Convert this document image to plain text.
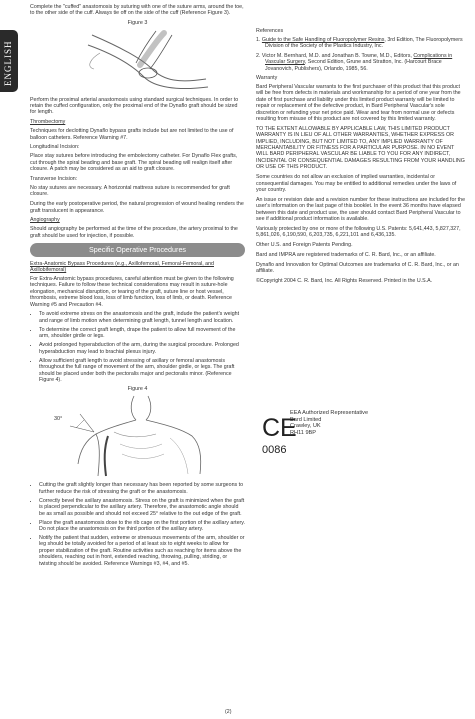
ENGLISH

Complete the "cuffed" anastomosis by suturing with one of the suture arms, around the toe, to the other side of the cuff. Always tie off on the side of the cuff (Reference Figure 3).

Figure 3

Perform the proximal arterial anastomosis using standard surgical techniques. In order to retain the cuffed configuration, only the proximal end of the Dynaflo graft should be sized for length.

Thrombectomy

Techniques for declotting Dynaflo bypass grafts include but are not limited to the use of balloon catheters. Reference Warning #7.

Longitudinal Incision:

Place stay sutures before introducing the embolectomy catheter. For Dynaflo Flex grafts, cut through the spiral beading and base graft. The spiral beading will realign itself after closure. A patch may be considered as an aid to graft closure.

Transverse Incision:

No stay sutures are necessary. A horizontal mattress suture is recommended for graft closure.

During the early postoperative period, the natural progression of wound healing renders the graft translucent in appearance.

Angiography

Should angiography be performed at the time of the procedure, the artery proximal to the graft should be used for injection, if possible.

Specific Operative Procedures

Extra-Anatomic Bypass Procedures (e.g., Axillofemoral, Femoral-Femoral, and Axillobifemoral)

For Extra-Anatomic bypass procedures, careful attention must be given to the following techniques. Failure to follow these technical considerations may result in suture-hole elongation, mechanical disruption, or tearing of the graft, suture line or host vessel, thrombosis, extreme blood loss, loss of limb function, loss of limb, or death. Reference Warning #5 and Precaution #4.

• To avoid extreme stress on the anastomosis and the graft, indude the patient's weight and range of limb motion when determining graft length, tunnel length and location.
• To determine the correct graft length, drape the patient to allow full movement of the arm, shoulder girdle or legs.
• Avoid prolonged hyperabduction of the arm, during the surgical procedure. Prolonged hyperabduction may lead to brachial plexus injury.
• Allow sufficient graft length to avoid stressing of axillary or femoral anastomosis throughout the full range of movement of the arm, shoulder girdle, or legs. The graft should be placed under both the pectoralis major and pectoralis minor. (Reference Figure 4).
Figure 4
30°
• Cutting the graft slightly longer than necessary has been reported by some surgeons to further reduce the risk of stressing the graft or the anastomosis.
• Correctly bevel the axillary anastomosis. Stress on the graft is minimized when the graft is placed perpendicular to the axillary artery. Therefore, the anastomotic angle should be as small as possible and should not exceed 25° relative to the out edge of the graft.
• Place the graft anastomosis dose to the rib cage on the first portion of the axillary artery. Do not place the anastomosis on the third portion of the axillary artery.
• Notify the patient that sudden, extreme or strenuous movements of the arm, shoulder or leg should be totally avoided for a period of at least six to eight weeks to allow for proper stabilization of the graft. Routine activities such as reaching for items above the shoulders, reaching out in front, extended reaching, throwing, pulling, striding, or twisting should be avoided. Reference Warnings #3, #4, and #5.

References

1. Guide to the Safe Handling of Fluoropolymer Resins, 3rd Edition, The Fluoropolymers Division of the Society of the Plastics Industry, Inc.
2. Victor M. Bernhard, M.D. and Jonathan B. Towne, M.D., Editors, Complications in Vascular Surgery, Second Edition, Grune and Stratton, Inc. (Harcourt Brace Jovanovich, Publishers), Orlando, 1985, 56.

Warranty

Bard Peripheral Vascular warrants to the first purchaser of this product that this product will be free from defects in materials and workmanship for a period of one year from the date of first purchase and liability under this limited product warranty will be limited to repair or replacement of the defective product, in Bard Peripheral Vascular's sole discretion or refunding your net price paid. Wear and tear from normal use or defects resulting from misuse of this product are not covered by this limited warranty.

TO THE EXTENT ALLOWABLE BY APPLICABLE LAW, THIS LIMITED PRODUCT WARRANTY IS IN LIEU OF ALL OTHER WARRANTIES, WHETHER EXPRESS OR IMPLIED, INCLUDING, BUT NOT LIMITED TO, ANY IMPLIED WARRANTY OF MERCHANTABILITY OR FITNESS FOR A PARTICULAR PURPOSE. IN NO EVENT WILL BARD PERIPHERAL VASCULAR BE LIABLE TO YOU FOR ANY INDIRECT, INCIDENTAL OR CONSEQUENTIAL DAMAGES RESULTING FROM YOUR HANDLING OR USE OF THIS PRODUCT.

Some countries do not allow an exclusion of implied warranties, incidental or consequential damages. You may be entitled to additional remedies under the laws of your country.

An issue or revision date and a revision number for these instructions are included for the user's information on the last page of this booklet. In the event 36 months have elapsed between this date and product use, the user should contact Bard Peripheral Vascular to see if additional product information is available.

Variously protected by one or more of the following U.S. Patents: 5,641,443, 5,827,327, 5,861,026, 6,190,590, 6,203,735, 6,221,101 and 6,436,135.

Other U.S. and Foreign Patents Pending.

Bard and IMPRA are registered trademarks of C. R. Bard, Inc., or an affiliate.

Dynaflo and Innovation for Optimal Outcomes are trademarks of C. R. Bard, Inc., or an affiliate.

©Copyright 2004 C. R. Bard, Inc. All Rights Reserved. Printed in the U.S.A.

CE
0086
EEA Authorized Representative
Bard Limited
Crawley, UK
RH11 9BP
(2)
